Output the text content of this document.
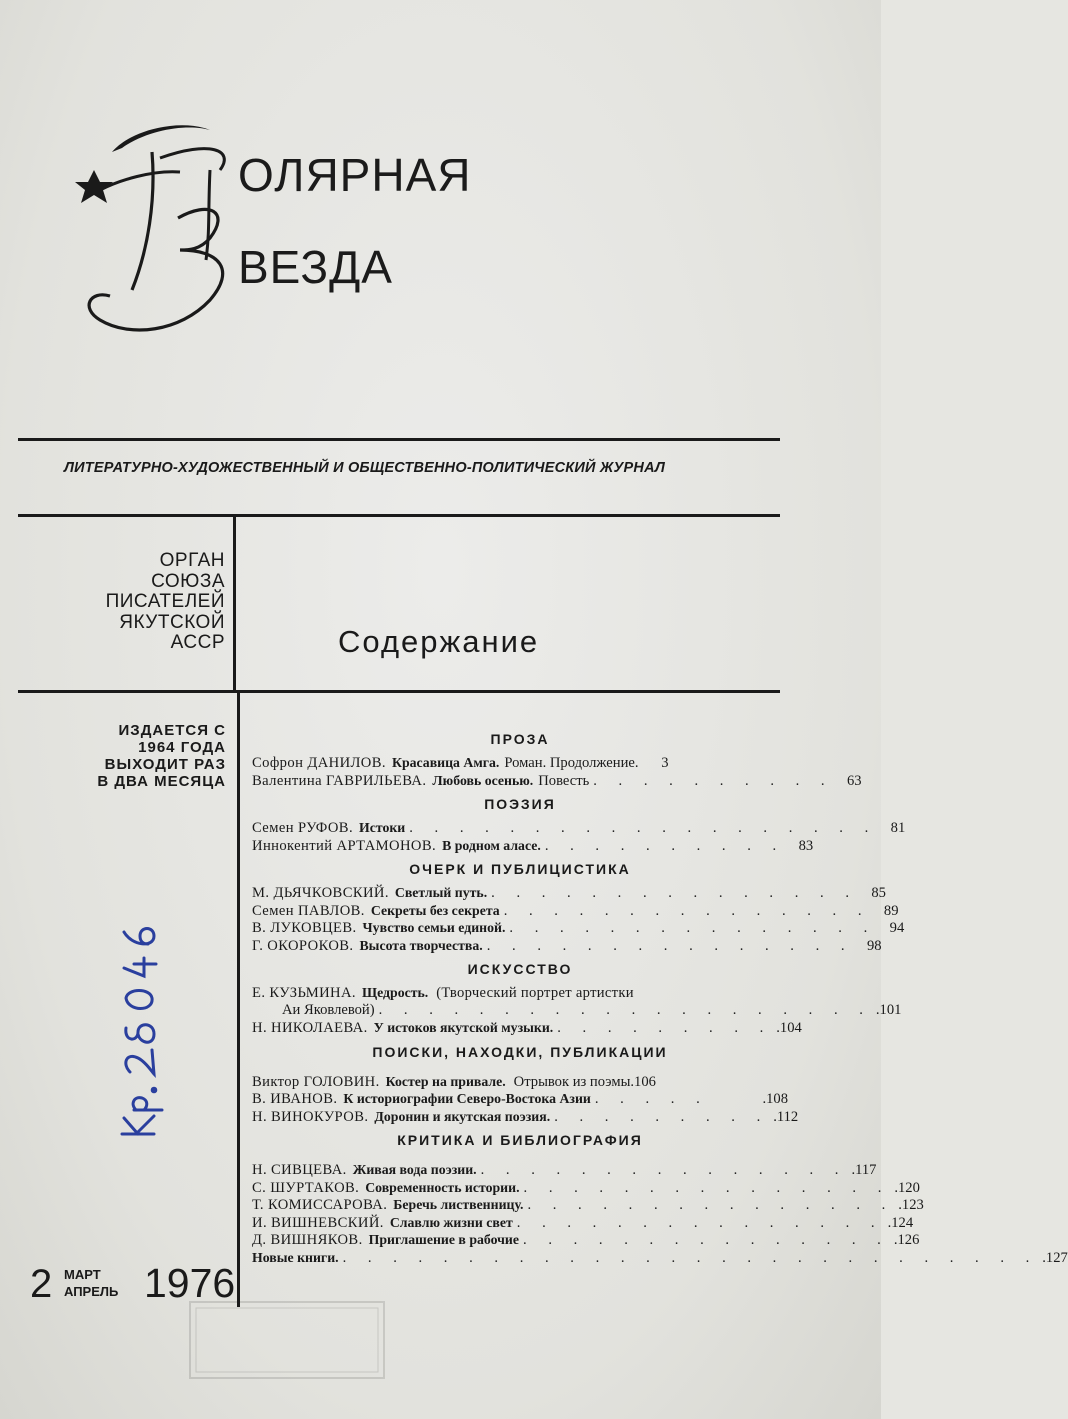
ОЛЯРНАЯ
ВЕЗДА
ЛИТЕРАТУРНО-ХУДОЖЕСТВЕННЫЙ И ОБЩЕСТВЕННО-ПОЛИТИЧЕСКИЙ ЖУРНАЛ
ОРГАН
СОЮЗА
ПИСАТЕЛЕЙ
ЯКУТСКОЙ
АССР	Содержание
ИЗДАЕТСЯ С
1964 ГОДА
ВЫХОДИТ РАЗ
В ДВА МЕСЯЦА
2 МАРТ
АПРЕЛЬ 1976
ПРОЗА
Софрон ДАНИЛОВ. Красавица Амга. Роман. Продолжение.	3
Валентина ГАВРИЛЬЕВА. Любовь осенью. Повесть . . . . . . . . . . 63
ПОЭЗИЯ
Семен РУФОВ. Истоки . . . . . . . . . . . . . . . . . . . 81
Иннокентий АРТАМОНОВ. В родном аласе. . . . . . . . . . . 83
ОЧЕРК И ПУБЛИЦИСТИКА
М. ДЬЯЧКОВСКИЙ. Светлый путь. . . . . . . . . . . . . . . . 85
Семен ПАВЛОВ. Секреты без секрета . . . . . . . . . . . . . . . 89
В. ЛУКОВЦЕВ. Чувство семьи единой. . . . . . . . . . . . . . . . 94
Г. ОКОРОКОВ. Высота творчества. . . . . . . . . . . . . . . . 98
ИСКУССТВО
Е. КУЗЬМИНА. Щедрость. (Творческий портрет артистки
Аи Яковлевой) . . . . . . . . . . . . . . . . . . . . .101
Н. НИКОЛАЕВА. У истоков якутской музыки. . . . . . . . . . .104
ПОИСКИ, НАХОДКИ, ПУБЛИКАЦИИ
Виктор ГОЛОВИН. Костер на привале. Отрывок из поэмы .106
В. ИВАНОВ. К историографии Северо-Востока Азии . . . . .	.108
Н. ВИНОКУРОВ. Доронин и якутская поэзия. . . . . . . . . . .112
КРИТИКА И БИБЛИОГРАФИЯ
Н. СИВЦЕВА. Живая вода поэзии. . . . . . . . . . . . . . . . .117
С. ШУРТАКОВ. Современность истории. . . . . . . . . . . . . . . . .120
Т. КОМИССАРОВА. Беречь лиственницу. . . . . . . . . . . . . . . . .123
И. ВИШНЕВСКИЙ. Славлю жизни свет . . . . . . . . . . . . . . . .124
Д. ВИШНЯКОВ. Приглашение в рабочие . . . . . . . . . . . . . . . .126
Новые книги. . . . . . . . . . . . . . . . . . . . . . . . . . . . . .127
